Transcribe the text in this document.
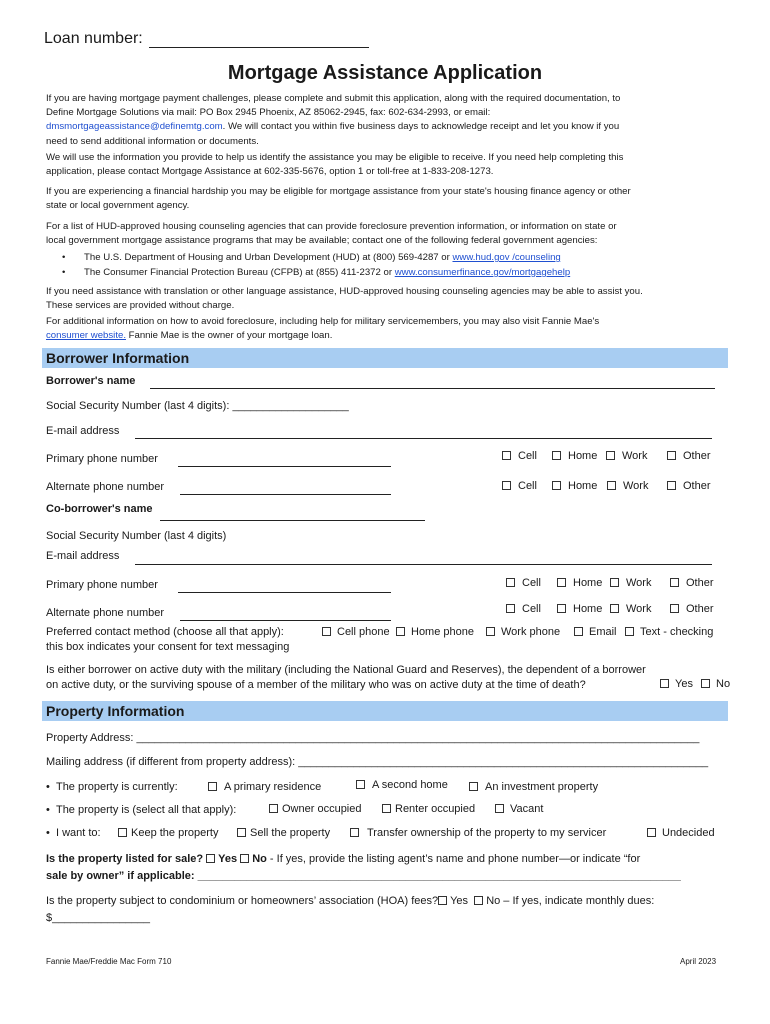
Loan number:
Mortgage Assistance Application

If you are having mortgage payment challenges, please complete and submit this application, along with the required documentation, to

Define Mortgage Solutions via mail: PO Box 2945 Phoenix, AZ 85062-2945, fax: 602-634-2993, or email:

dmsmortgageassistance@definemtg.com. We will contact you within five business days to acknowledge receipt and let you know if you

need to send additional information or documents.

We will use the information you provide to help us identify the assistance you may be eligible to receive. If you need help completing this

application, please contact Mortgage Assistance at 602-335-5676, option 1 or toll-free at 1-833-208-1273.

If you are experiencing a financial hardship you may be eligible for mortgage assistance from your state's housing finance agency or other

state or local government agency.

For a list of HUD-approved housing counseling agencies that can provide foreclosure prevention information, or information on state or

local government mortgage assistance programs that may be available; contact one of the following federal government agencies:

• The U.S. Department of Housing and Urban Development (HUD) at (800) 569-4287 or www.hud.gov /counseling
• The Consumer Financial Protection Bureau (CFPB) at (855) 411-2372 or www.consumerfinance.gov/mortgagehelp

If you need assistance with translation or other language assistance, HUD-approved housing counseling agencies may be able to assist you.

These services are provided without charge.

For additional information on how to avoid foreclosure, including help for military servicemembers, you may also visit Fannie Mae's

consumer website. Fannie Mae is the owner of your mortgage loan.

Borrower Information
Borrower's name
Social Security Number (last 4 digits): ___________________
E-mail address
Primary phone number	Cell	Home	Work	Other
Alternate phone number	Cell	Home	Work	Other
Co-borrower's name
Social Security Number (last 4 digits)
E-mail address
Primary phone number	Cell	Home	Work	Other
Alternate phone number	Cell	Home	Work	Other
Preferred contact method (choose all that apply):	Cell phone	Home phone	Work phone	Email	Text - checking
this box indicates your consent for text messaging
Is either borrower on active duty with the military (including the National Guard and Reserves), the dependent of a borrower
on active duty, or the surviving spouse of a member of the military who was on active duty at the time of death?	Yes	No
Property Information
Property Address: ____________________________________________________________________________________________
Mailing address (if different from property address): ___________________________________________________________________
•  The property is currently:	A primary residence	A second home	An investment property
•  The property is (select all that apply):	Owner occupied	Renter occupied	Vacant
•  I want to:	Keep the property	Sell the property	Transfer ownership of the property to my servicer	Undecided
Is the property listed for sale? Yes No - If yes, provide the listing agent’s name and phone number—or indicate “for
sale by owner” if applicable: _______________________________________________________________________________
Is the property subject to condominium or homeowners’ association (HOA) fees? Yes No – If yes, indicate monthly dues:
$________________
Fannie Mae/Freddie Mac Form 710	April 2023
